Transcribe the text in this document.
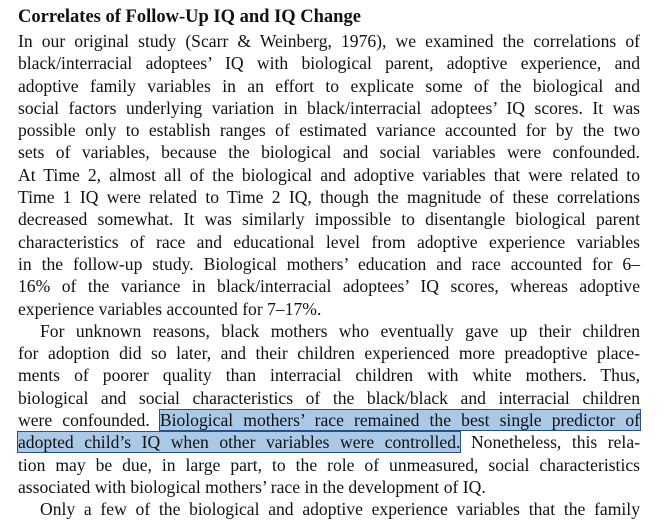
Correlates of Follow-Up IQ and IQ Change
In our original study (Scarr & Weinberg, 1976), we examined the correlations of
black/interracial adoptees’ IQ with biological parent, adoptive experience, and
adoptive family variables in an effort to explicate some of the biological and
social factors underlying variation in black/interracial adoptees’ IQ scores. It was
possible only to establish ranges of estimated variance accounted for by the two
sets of variables, because the biological and social variables were confounded.
At Time 2, almost all of the biological and adoptive variables that were related to
Time 1 IQ were related to Time 2 IQ, though the magnitude of these correlations
decreased somewhat. It was similarly impossible to disentangle biological parent
characteristics of race and educational level from adoptive experience variables
in the follow-up study. Biological mothers’ education and race accounted for 6–
16% of the variance in black/interracial adoptees’ IQ scores, whereas adoptive
experience variables accounted for 7–17%.
For unknown reasons, black mothers who eventually gave up their children
for adoption did so later, and their children experienced more preadoptive place-
ments of poorer quality than interracial children with white mothers. Thus,
biological and social characteristics of the black/black and interracial children
were confounded. Biological mothers’ race remained the best single predictor of
adopted child’s IQ when other variables were controlled. Nonetheless, this rela-
tion may be due, in large part, to the role of unmeasured, social characteristics
associated with biological mothers’ race in the development of IQ.
Only a few of the biological and adoptive experience variables that the family
